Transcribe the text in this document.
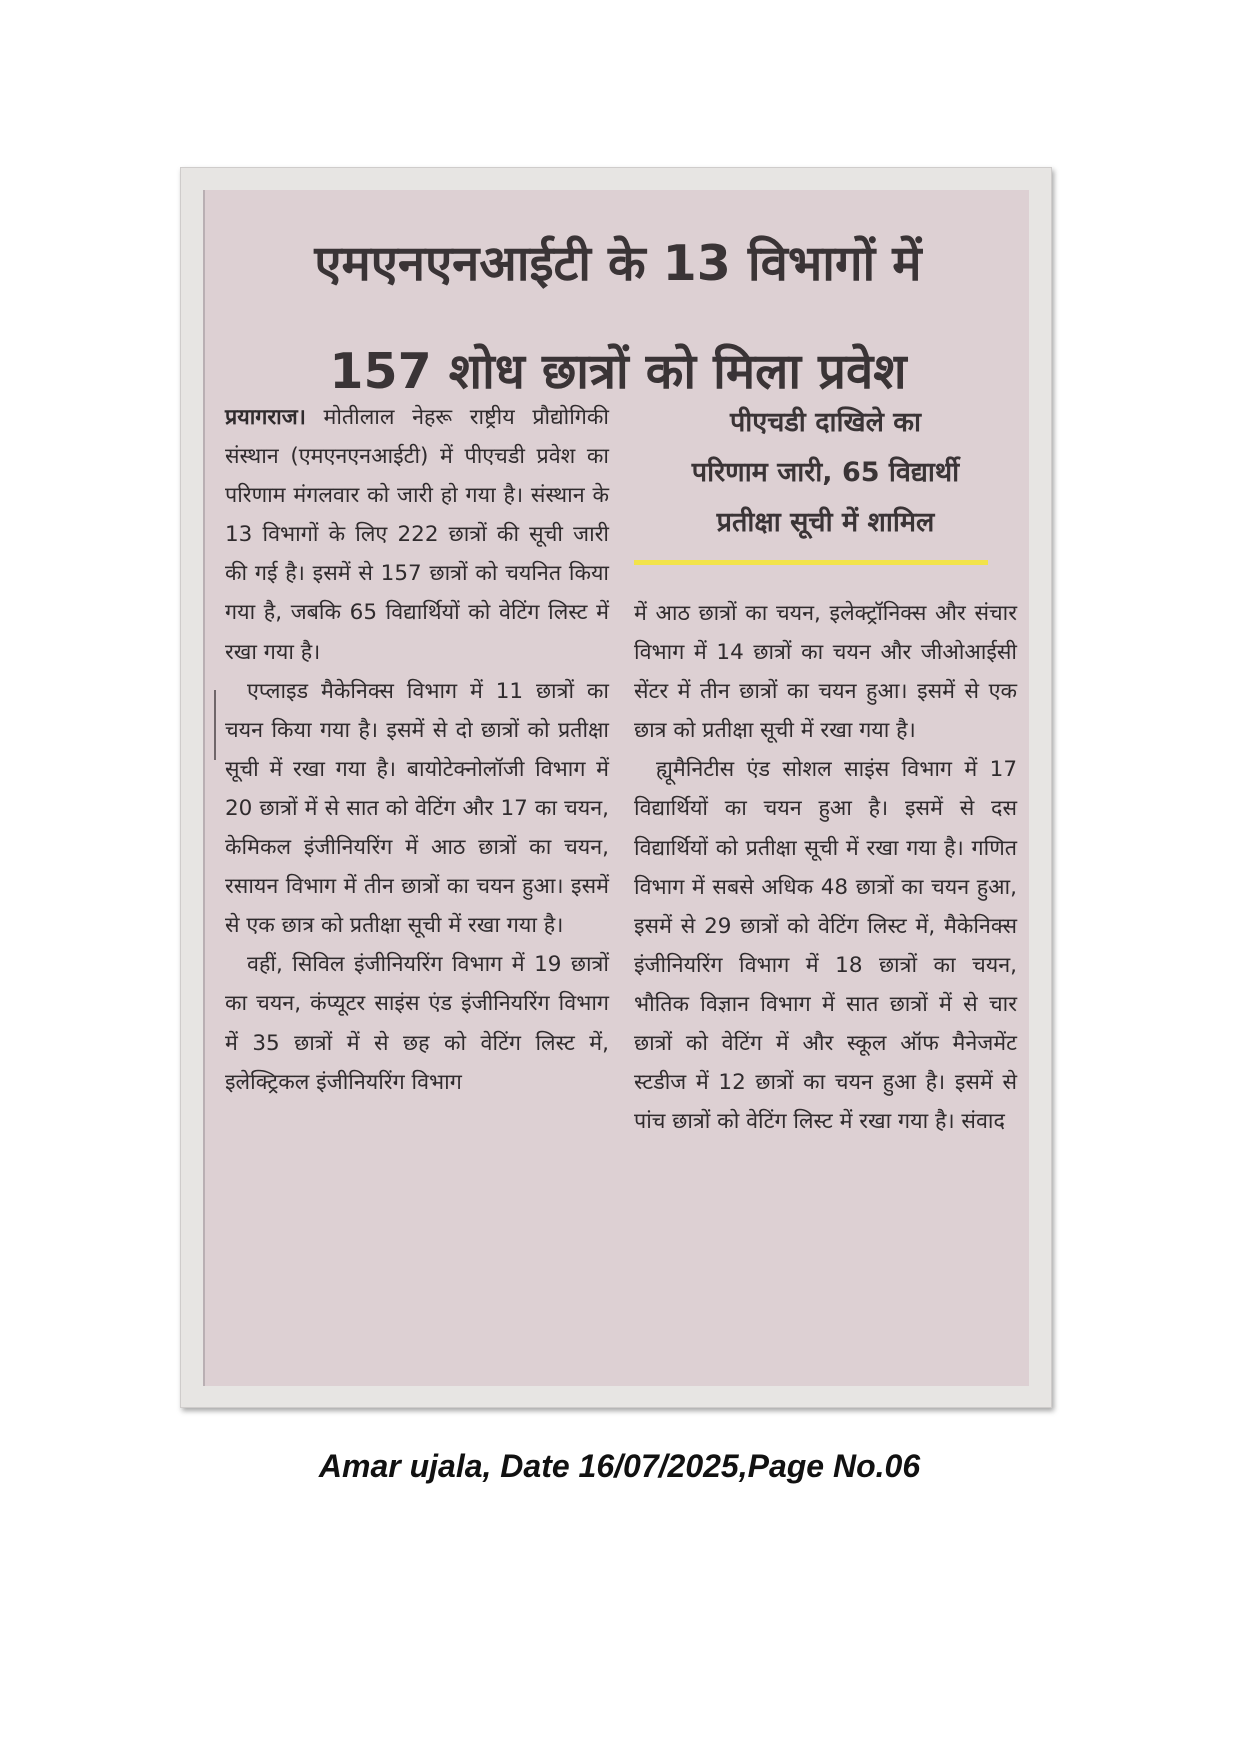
एमएनएनआईटी के 13 विभागों में
157 शोध छात्रों को मिला प्रवेश

प्रयागराज। मोतीलाल नेहरू राष्ट्रीय प्रौद्योगिकी संस्थान (एमएनएनआईटी) में पीएचडी प्रवेश का परिणाम मंगलवार को जारी हो गया है। संस्थान के 13 विभागों के लिए 222 छात्रों की सूची जारी की गई है। इसमें से 157 छात्रों को चयनित किया गया है, जबकि 65 विद्यार्थियों को वेटिंग लिस्ट में रखा गया है।

एप्लाइड मैकेनिक्स विभाग में 11 छात्रों का चयन किया गया है। इसमें से दो छात्रों को प्रतीक्षा सूची में रखा गया है। बायोटेक्नोलॉजी विभाग में 20 छात्रों में से सात को वेटिंग और 17 का चयन, केमिकल इंजीनियरिंग में आठ छात्रों का चयन, रसायन विभाग में तीन छात्रों का चयन हुआ। इसमें से एक छात्र को प्रतीक्षा सूची में रखा गया है।

वहीं, सिविल इंजीनियरिंग विभाग में 19 छात्रों का चयन, कंप्यूटर साइंस एंड इंजीनियरिंग विभाग में 35 छात्रों में से छह को वेटिंग लिस्ट में, इलेक्ट्रिकल इंजीनियरिंग विभाग

पीएचडी दाखिले का
परिणाम जारी, 65 विद्यार्थी
प्रतीक्षा सूची में शामिल

में आठ छात्रों का चयन, इलेक्ट्रॉनिक्स और संचार विभाग में 14 छात्रों का चयन और जीओआईसी सेंटर में तीन छात्रों का चयन हुआ। इसमें से एक छात्र को प्रतीक्षा सूची में रखा गया है।

ह्यूमैनिटीस एंड सोशल साइंस विभाग में 17 विद्यार्थियों का चयन हुआ है। इसमें से दस विद्यार्थियों को प्रतीक्षा सूची में रखा गया है। गणित विभाग में सबसे अधिक 48 छात्रों का चयन हुआ, इसमें से 29 छात्रों को वेटिंग लिस्ट में, मैकेनिक्स इंजीनियरिंग विभाग में 18 छात्रों का चयन, भौतिक विज्ञान विभाग में सात छात्रों में से चार छात्रों को वेटिंग में और स्कूल ऑफ मैनेजमेंट स्टडीज में 12 छात्रों का चयन हुआ है। इसमें से पांच छात्रों को वेटिंग लिस्ट में रखा गया है। संवाद

Amar ujala, Date 16/07/2025,Page No.06
